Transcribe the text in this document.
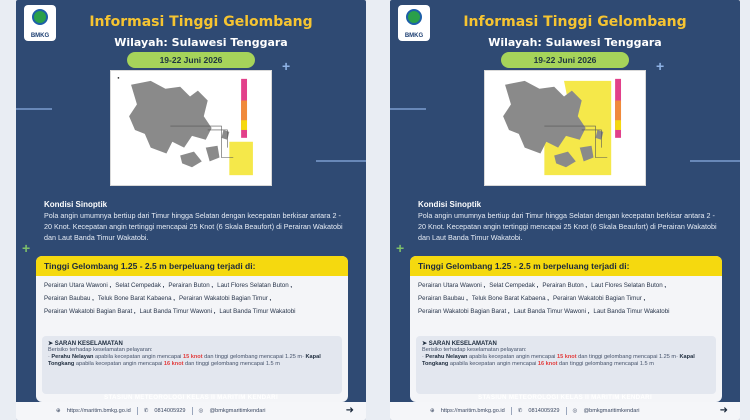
BMKG
Informasi Tinggi Gelombang
Wilayah: Sulawesi Tenggara
19-22 Juni 2026	+
●
+
Kondisi Sinoptik
Pola angin umumnya bertiup dari Timur hingga Selatan dengan kecepatan berkisar antara 2 - 20 Knot. Kecepatan angin tertinggi mencapai 25 Knot (6 Skala Beaufort) di Perairan Wakatobi dan Laut Banda Timur Wakatobi.
Tinggi Gelombang 1.25 - 2.5 m berpeluang terjadi di:
Perairan Utara Wawoni , Selat Cempedak , Perairan Buton , Laut Flores Selatan Buton ,
Perairan Baubau , Teluk Bone Barat Kabaena , Perairan Wakatobi Bagian Timur ,
Perairan Wakatobi Bagian Barat , Laut Banda Timur Wawoni , Laut Banda Timur Wakatobi
➤ SARAN KESELAMATAN
Berisiko terhadap keselamatan pelayaran:
· Perahu Nelayan apabila kecepatan angin mencapai 15 knot dan tinggi gelombang mencapai 1.25 m· Kapal Tongkang apabila kecepatan angin mencapai 16 knot dan tinggi gelombang mencapai 1.5 m
STASIUN METEOROLOGI KELAS II MARITIM KENDARI
⊕ https://maritim.bmkg.go.id ✆ 0814005929 ◎ @bmkgmaritimkendari	➜
BMKG
Informasi Tinggi Gelombang
Wilayah: Sulawesi Tenggara
19-22 Juni 2026	+
+
Kondisi Sinoptik
Pola angin umumnya bertiup dari Timur hingga Selatan dengan kecepatan berkisar antara 2 - 20 Knot. Kecepatan angin tertinggi mencapai 25 Knot (6 Skala Beaufort) di Perairan Wakatobi dan Laut Banda Timur Wakatobi.
Tinggi Gelombang 1.25 - 2.5 m berpeluang terjadi di:
Perairan Utara Wawoni , Selat Cempedak , Perairan Buton , Laut Flores Selatan Buton ,
Perairan Baubau , Teluk Bone Barat Kabaena , Perairan Wakatobi Bagian Timur ,
Perairan Wakatobi Bagian Barat , Laut Banda Timur Wawoni , Laut Banda Timur Wakatobi
➤ SARAN KESELAMATAN
Berisiko terhadap keselamatan pelayaran:
· Perahu Nelayan apabila kecepatan angin mencapai 15 knot dan tinggi gelombang mencapai 1.25 m· Kapal Tongkang apabila kecepatan angin mencapai 16 knot dan tinggi gelombang mencapai 1.5 m
STASIUN METEOROLOGI KELAS II MARITIM KENDARI
⊕ https://maritim.bmkg.go.id ✆ 0814005929 ◎ @bmkgmaritimkendari	➜
